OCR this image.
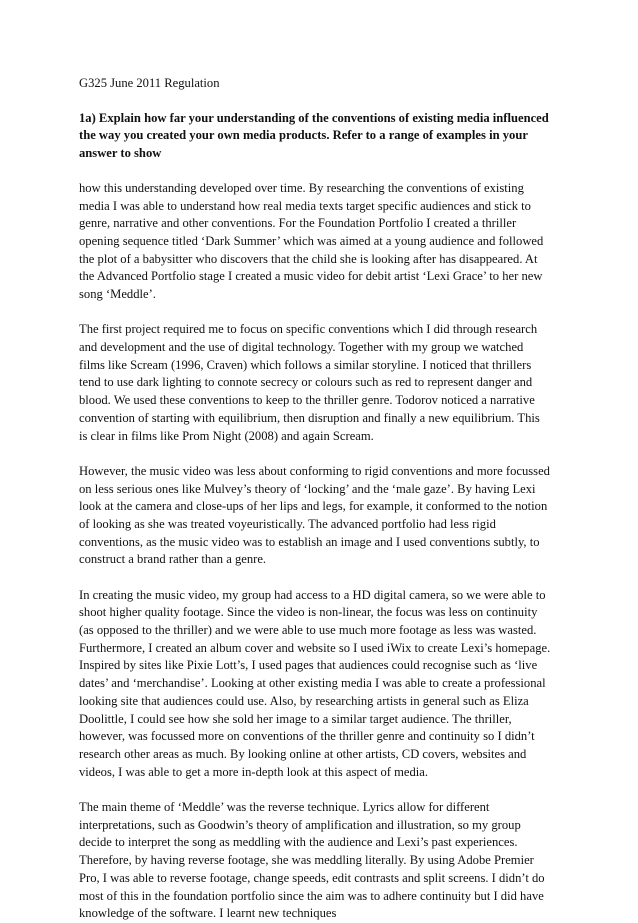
G325 June 2011 Regulation

1a) Explain how far your understanding of the conventions of existing media influenced the way you created your own media products. Refer to a range of examples in your answer to show

how this understanding developed over time. By researching the conventions of existing media I was able to understand how real media texts target specific audiences and stick to genre, narrative and other conventions. For the Foundation Portfolio I created a thriller opening sequence titled ‘Dark Summer’ which was aimed at a young audience and followed the plot of a babysitter who discovers that the child she is looking after has disappeared. At the Advanced Portfolio stage I created a music video for debit artist ‘Lexi Grace’ to her new song ‘Meddle’.

The first project required me to focus on specific conventions which I did through research and development and the use of digital technology. Together with my group we watched films like Scream (1996, Craven) which follows a similar storyline. I noticed that thrillers tend to use dark lighting to connote secrecy or colours such as red to represent danger and blood. We used these conventions to keep to the thriller genre. Todorov noticed a narrative convention of starting with equilibrium, then disruption and finally a new equilibrium. This is clear in films like Prom Night (2008) and again Scream.

However, the music video was less about conforming to rigid conventions and more focussed on less serious ones like Mulvey’s theory of ‘locking’ and the ‘male gaze’. By having Lexi look at the camera and close-ups of her lips and legs, for example, it conformed to the notion of looking as she was treated voyeuristically. The advanced portfolio had less rigid conventions, as the music video was to establish an image and I used conventions subtly, to construct a brand rather than a genre.

In creating the music video, my group had access to a HD digital camera, so we were able to shoot higher quality footage. Since the video is non-linear, the focus was less on continuity (as opposed to the thriller) and we were able to use much more footage as less was wasted. Furthermore, I created an album cover and website so I used iWix to create Lexi’s homepage. Inspired by sites like Pixie Lott’s, I used pages that audiences could recognise such as ‘live dates’ and ‘merchandise’. Looking at other existing media I was able to create a professional looking site that audiences could use. Also, by researching artists in general such as Eliza Doolittle, I could see how she sold her image to a similar target audience. The thriller, however, was focussed more on conventions of the thriller genre and continuity so I didn’t research other areas as much. By looking online at other artists, CD covers, websites and videos, I was able to get a more in-depth look at this aspect of media.

The main theme of ‘Meddle’ was the reverse technique. Lyrics allow for different interpretations, such as Goodwin’s theory of amplification and illustration, so my group decide to interpret the song as meddling with the audience and Lexi’s past experiences. Therefore, by having reverse footage, she was meddling literally. By using Adobe Premier Pro, I was able to reverse footage, change speeds, edit contrasts and split screens. I didn’t do most of this in the foundation portfolio since the aim was to adhere continuity but I did have knowledge of the software. I learnt new techniques
